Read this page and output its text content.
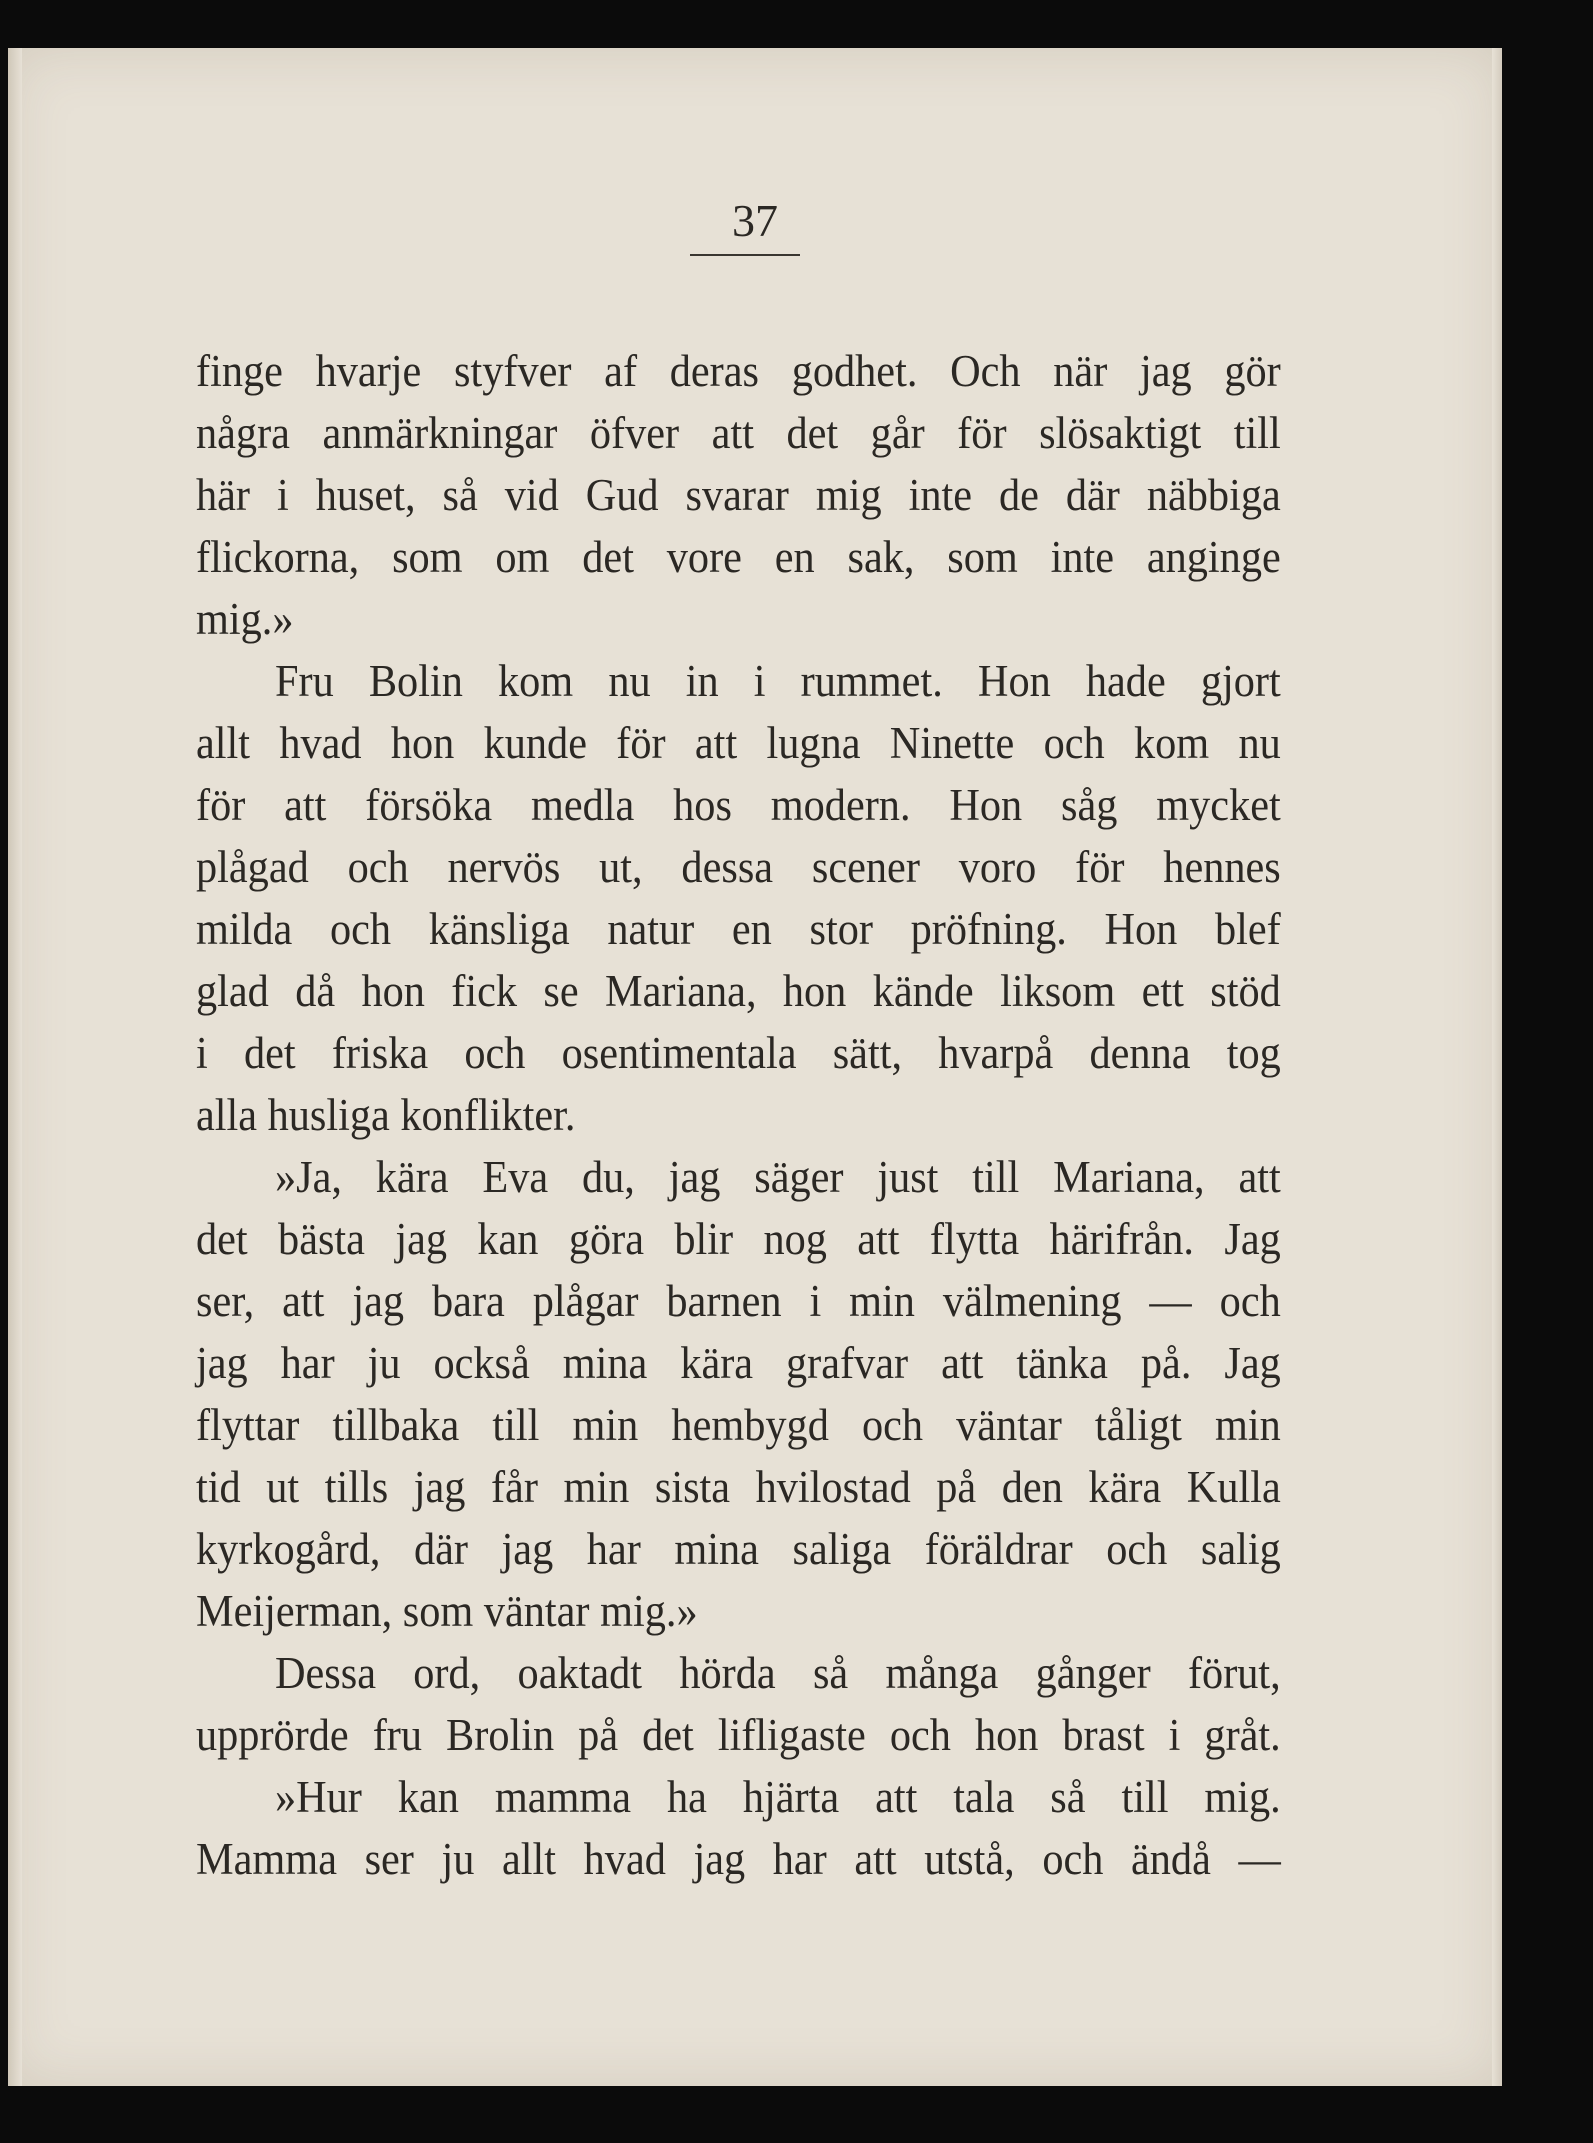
37
finge hvarje styfver af deras godhet. Och när jag gör
några anmärkningar öfver att det går för slösaktigt till
här i huset, så vid Gud svarar mig inte de där näbbiga
flickorna, som om det vore en sak, som inte anginge
mig.»
Fru Bolin kom nu in i rummet. Hon hade gjort
allt hvad hon kunde för att lugna Ninette och kom nu
för att försöka medla hos modern. Hon såg mycket
plågad och nervös ut, dessa scener voro för hennes
milda och känsliga natur en stor pröfning. Hon blef
glad då hon fick se Mariana, hon kände liksom ett stöd
i det friska och osentimentala sätt, hvarpå denna tog
alla husliga konflikter.
»Ja, kära Eva du, jag säger just till Mariana, att
det bästa jag kan göra blir nog att flytta härifrån. Jag
ser, att jag bara plågar barnen i min välmening — och
jag har ju också mina kära grafvar att tänka på. Jag
flyttar tillbaka till min hembygd och väntar tåligt min
tid ut tills jag får min sista hvilostad på den kära Kulla
kyrkogård, där jag har mina saliga föräldrar och salig
Meijerman, som väntar mig.»
Dessa ord, oaktadt hörda så många gånger förut,
upprörde fru Brolin på det lifligaste och hon brast i gråt.
»Hur kan mamma ha hjärta att tala så till mig.
Mamma ser ju allt hvad jag har att utstå, och ändå —
